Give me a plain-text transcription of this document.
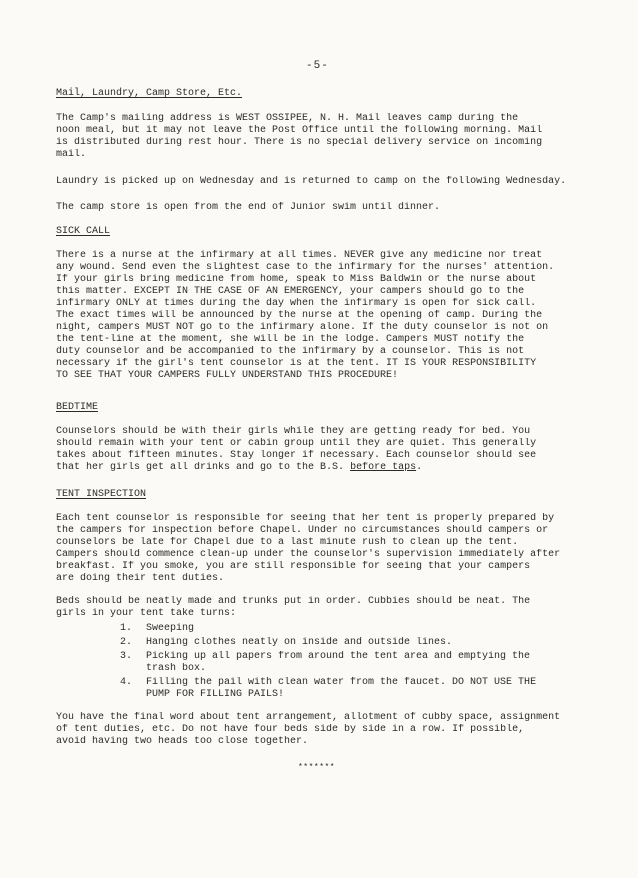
-5-
Mail, Laundry, Camp Store, Etc.
The Camp's mailing address is WEST OSSIPEE, N. H. Mail leaves camp during the
noon meal, but it may not leave the Post Office until the following morning. Mail
is distributed during rest hour. There is no special delivery service on incoming
mail.
Laundry is picked up on Wednesday and is returned to camp on the following Wednesday.
The camp store is open from the end of Junior swim until dinner.
SICK CALL
There is a nurse at the infirmary at all times. NEVER give any medicine nor treat
any wound. Send even the slightest case to the infirmary for the nurses' attention.
If your girls bring medicine from home, speak to Miss Baldwin or the nurse about
this matter. EXCEPT IN THE CASE OF AN EMERGENCY, your campers should go to the
infirmary ONLY at times during the day when the infirmary is open for sick call.
The exact times will be announced by the nurse at the opening of camp. During the
night, campers MUST NOT go to the infirmary alone. If the duty counselor is not on
the tent-line at the moment, she will be in the lodge. Campers MUST notify the
duty counselor and be accompanied to the infirmary by a counselor. This is not
necessary if the girl's tent counselor is at the tent. IT IS YOUR RESPONSIBILITY
TO SEE THAT YOUR CAMPERS FULLY UNDERSTAND THIS PROCEDURE!
BEDTIME
Counselors should be with their girls while they are getting ready for bed. You
should remain with your tent or cabin group until they are quiet. This generally
takes about fifteen minutes. Stay longer if necessary. Each counselor should see
that her girls get all drinks and go to the B.S. before taps.
TENT INSPECTION
Each tent counselor is responsible for seeing that her tent is properly prepared by
the campers for inspection before Chapel. Under no circumstances should campers or
counselors be late for Chapel due to a last minute rush to clean up the tent.
Campers should commence clean-up under the counselor's supervision immediately after
breakfast. If you smoke, you are still responsible for seeing that your campers
are doing their tent duties.
Beds should be neatly made and trunks put in order. Cubbies should be neat. The
girls in your tent take turns:
1.	Sweeping
2.	Hanging clothes neatly on inside and outside lines.
3.	Picking up all papers from around the tent area and emptying the
trash box.
4.	Filling the pail with clean water from the faucet. DO NOT USE THE
PUMP FOR FILLING PAILS!
You have the final word about tent arrangement, allotment of cubby space, assignment
of tent duties, etc. Do not have four beds side by side in a row. If possible,
avoid having two heads too close together.
*******
